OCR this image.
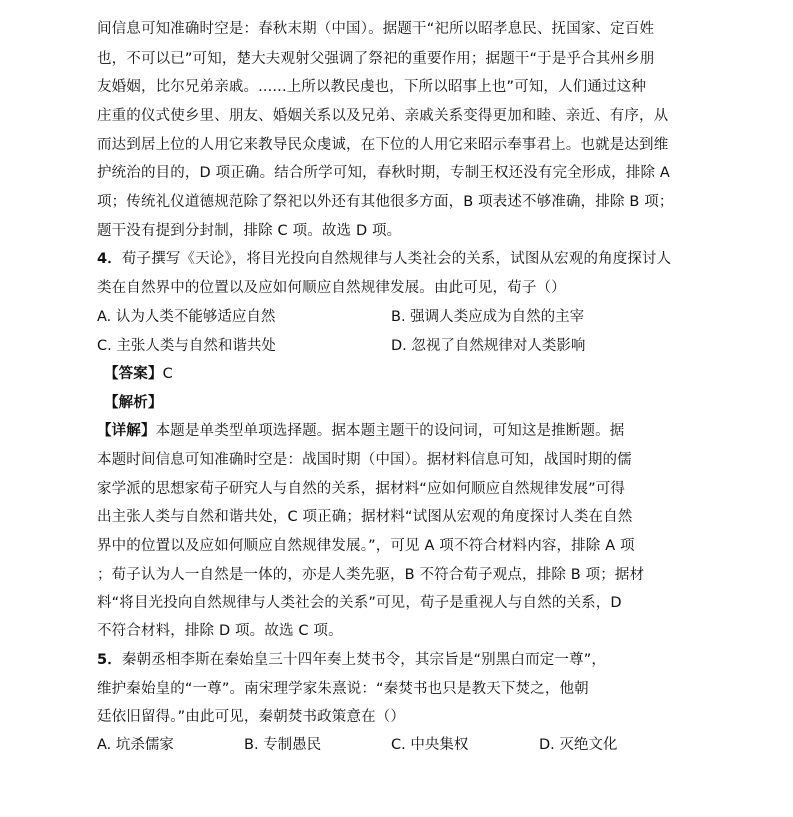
间信息可知准确时空是：春秋末期（中国）。据题干“祀所以昭孝息民、抚国家、定百姓
也，不可以已”可知，楚大夫观射父强调了祭祀的重要作用；据题干“于是乎合其州乡朋
友婚姻，比尔兄弟亲戚。......上所以教民虔也，下所以昭事上也”可知，人们通过这种
庄重的仪式使乡里、朋友、婚姻关系以及兄弟、亲戚关系变得更加和睦、亲近、有序，从
而达到居上位的人用它来教导民众虔诚，在下位的人用它来昭示奉事君上。也就是达到维
护统治的目的，D 项正确。结合所学可知，春秋时期，专制王权还没有完全形成，排除 A
项；传统礼仪道德规范除了祭祀以外还有其他很多方面，B 项表述不够准确，排除 B 项；
题干没有提到分封制，排除 C 项。故选 D 项。
4．荀子撰写《天论》，将目光投向自然规律与人类社会的关系，试图从宏观的角度探讨人
类在自然界中的位置以及应如何顺应自然规律发展。由此可见，荀子（）
A. 认为人类不能够适应自然	B. 强调人类应成为自然的主宰
C. 主张人类与自然和谐共处	D. 忽视了自然规律对人类影响
【答案】C
【解析】
【详解】本题是单类型单项选择题。据本题主题干的设问词，可知这是推断题。据
本题时间信息可知准确时空是：战国时期（中国）。据材料信息可知，战国时期的儒
家学派的思想家荀子研究人与自然的关系，据材料“应如何顺应自然规律发展”可得
出主张人类与自然和谐共处，C 项正确；据材料“试图从宏观的角度探讨人类在自然
界中的位置以及应如何顺应自然规律发展。”，可见 A 项不符合材料内容，排除 A 项
；荀子认为人一自然是一体的，亦是人类先驱，B 不符合荀子观点，排除 B 项；据材
料“将目光投向自然规律与人类社会的关系”可见，荀子是重视人与自然的关系，D
不符合材料，排除 D 项。故选 C 项。
5．秦朝丞相李斯在秦始皇三十四年奏上焚书令，其宗旨是“别黑白而定一尊”，
维护秦始皇的“一尊”。南宋理学家朱熹说：“秦焚书也只是教天下焚之，他朝
廷依旧留得。”由此可见，秦朝焚书政策意在（）
A. 坑杀儒家	B. 专制愚民	C. 中央集权	D. 灭绝文化
